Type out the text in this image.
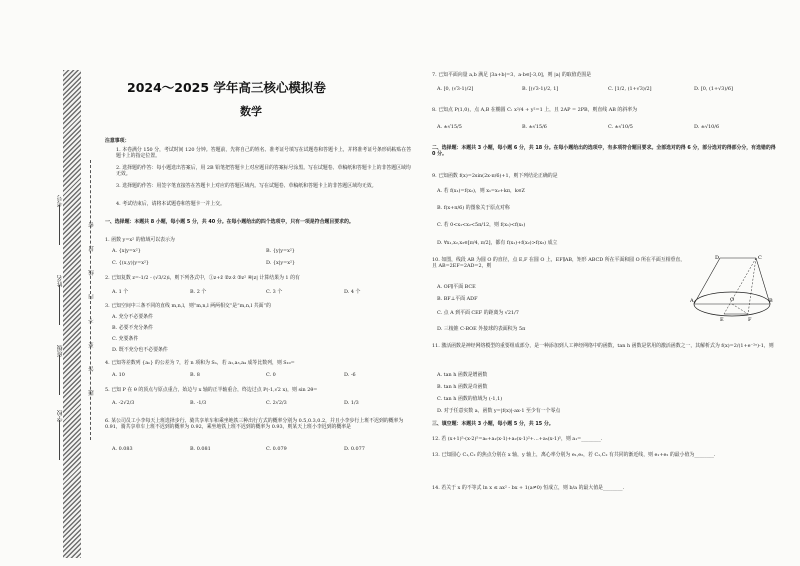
考号
姓名
班级
学校
密
封
线
内
不
要
答
题
2024～2025 学年高三核心模拟卷
数学
注意事项：
1. 本卷满分 150 分，考试时间 120 分钟。答题前，先将自己的姓名、准考证号填写在试题卷和答题卡上，并将准考证号条形码粘贴在答题卡上的指定位置。
2. 选择题的作答：每小题选出答案后，用 2B 铅笔把答题卡上对应题目的答案标号涂黑。写在试题卷、草稿纸和答题卡上的非答题区域均无效。
3. 选择题的作答：用签字笔直接答在答题卡上对应的答题区域内。写在试题卷、草稿纸和答题卡上的非答题区域均无效。
4. 考试结束后，请将本试题卷和答题卡一并上交。
一、选择题：本题共 8 小题，每小题 5 分，共 40 分。在每小题给出的四个选项中，只有一项是符合题目要求的。
1. 函数 y=x² 的值域可以表示为
A. {x|y=x²}	B. {y|y=x²}
C. {(x,y)|y=x²}	D. {x|y=x²}
2. 已知复数 z=-1/2 - (√3/2)i，则下列各式中，①z+z̄ ②z·z̄ ③z² ④|z| 计算结果为 1 的有
A. 1 个	B. 2 个	C. 3 个	D. 4 个
3. 已知空间中三条不同的直线 m,n,l，则“m,n,l 两两相交”是“m,n,l 共面”的
A. 充分不必要条件
B. 必要不充分条件
C. 充要条件
D. 既不充分也不必要条件
4. 已知等差数列 {aₙ} 的公差为 7，若 n 项和为 Sₙ，若 a₁,a₃,a₄ 成等比数列，则 S₁₀=
A. 10	B. 8	C. 0	D. -6
5. 已知 P 在 θ 的顶点与原点重合，始边与 x 轴的正半轴重合，终边过点 P(-1,√2 x)，则 sin 2θ=
A. -2√2/3	B. -1/3	C. 2√2/3	D. 1/3
6. 某公司员工小李每天上班选择步行、骑共享单车和乘坐地铁三种出行方式的概率分别为 0.5,0.3,0.2，并且小李步行上班不迟到的概率为 0.91，骑共享单车上班不迟到的概率为 0.92，乘坐地铁上班不迟到的概率为 0.93，则某天上班小李迟到的概率是
A. 0.083	B. 0.081	C. 0.079	D. 0.077
7. 已知平面向量 a,b 满足 |3a+b|=3，a·b∈[-3,0]，则 |a| 的取值范围是
A. [0, (√3-1)/2]	B. [(√3-1)/2, 1]	C. [1/2, (1+√3)/2]	D. [0, (1+√3)/6]
8. 已知点 P(1,0)，点 A,B 在椭圆 C: x²/4 + y²=1 上，且 2AP = 2PB，则直线 AB 的斜率为
A. ±√15/5	B. ±√15/6	C. ±√10/5	D. ±√10/6
二、选择题：本题共 3 小题，每小题 6 分，共 18 分。在每小题给出的选项中，有多项符合题目要求。全部选对的得 6 分，部分选对的得部分分，有选错的得 0 分。
9. 已知函数 f(x)=2sin(2x-π/6)+1，则下列结论正确的是
A. 若 f(x₁)=f(x₂)，则 x₁=x₂+kπ，k∈Z
B. f(x+π/6) 的图象关于原点对称
C. 若 0<x₁<x₂<5π/12，则 f(x₁)<f(x₂)
D. ∀x₁,x₂,x₃∈[π/4, π/2]，都有 f(x₁)+f(x₂)>f(x₃) 成立
10. 如图，线段 AB 为圆 O 的直径，点 E,F 在圆 O 上，EF∥AB，矩形 ABCD 所在平面和圆 O 所在平面互相垂直，且 AB=2EF=2AD=2，则
A. OF∥平面 BCE
B. BF⊥平面 ADF
C. 点 A 到平面 CEF 的距离为 √21/7
D. 三棱锥 C-BOE 外接球的表面积为 5π
D	C
A	O	B
E	F
11. 激活函数是神经网络模型的重要组成部分，是一种添加到人工神经网络中的函数，tan h 函数是常用的激活函数之一，其解析式为 f(x)=2/(1+e⁻²ˣ)-1，则
A. tan h 函数是增函数
B. tan h 函数是奇函数
C. tan h 函数的值域为 (-1,1)
D. 对于任意实数 a，函数 y=|f(x)|-ax-1 至少有一个零点
三、填空题：本题共 3 小题，每小题 5 分，共 15 分。
12. 若 (x+1)⁵-(x-2)⁵=a₀+a₁(x-1)+a₂(x-1)²+…+a₅(x-1)⁵，则 a₁=________.
13. 已知圆心 C₁,C₂ 的焦点分别在 x 轴，y 轴上，离心率分别为 e₁,e₂，若 C₁,C₂ 有共同的渐近线，则 e₁+e₂ 的最小值为________.
14. 若关于 x 的不等式 ln x ≤ ax² - bx + 1(a≠0) 恒成立，则 b/a 的最大值是________.
